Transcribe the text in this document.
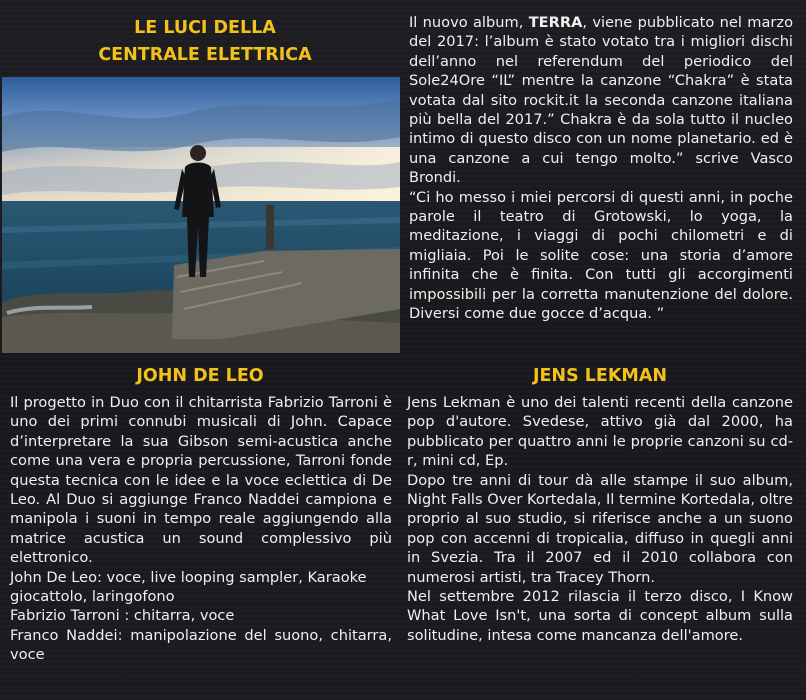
LE LUCI DELLA
CENTRALE ELETTRICA

Il nuovo album, TERRA, viene pubblicato nel marzo del 2017: l’album è stato votato tra i migliori dischi dell’anno nel referendum del periodico del Sole24Ore “IL” mentre la canzone “Chakra” è stata votata dal sito rockit.it la seconda canzone italiana più bella del 2017.” Chakra è da sola tutto il nucleo intimo di questo disco con un nome planetario. ed è una canzone a cui tengo molto.” scrive Vasco Brondi.

“Ci ho messo i miei percorsi di questi anni, in poche parole il teatro di Grotowski, lo yoga, la meditazione, i viaggi di pochi chilometri e di migliaia. Poi le solite cose: una storia d’amore infinita che è finita. Con tutti gli accorgimenti impossibili per la corretta manutenzione del dolore. Diversi come due gocce d’acqua. ”

JOHN DE LEO	JENS LEKMAN

Il progetto in Duo con il chitarrista Fabrizio Tarroni è uno dei primi connubi musicali di John. Capace d’interpretare la sua Gibson semi-acustica anche come una vera e propria percussione, Tarroni fonde questa tecnica con le idee e la voce eclettica di De Leo. Al Duo si aggiunge Franco Naddei campiona e manipola i suoni in tempo reale aggiungendo alla matrice acustica un sound complessivo più elettronico.

John De Leo: voce, live looping sampler, Karaoke giocattolo, laringofono

Fabrizio Tarroni : chitarra, voce

Franco Naddei: manipolazione del suono, chitarra, voce

Jens Lekman è uno dei talenti recenti della canzone pop d'autore. Svedese, attivo già dal 2000, ha pubblicato per quattro anni le proprie canzoni su cd-r, mini cd, Ep.

Dopo tre anni di tour dà alle stampe il suo album, Night Falls Over Kortedala, Il termine Kortedala, oltre proprio al suo studio, si riferisce anche a un suono pop con accenni di tropicalia, diffuso in quegli anni in Svezia. Tra il 2007 ed il 2010 collabora con numerosi artisti, tra Tracey Thorn.

Nel settembre 2012 rilascia il terzo disco, I Know What Love Isn't, una sorta di concept album sulla solitudine, intesa come mancanza dell'amore.
